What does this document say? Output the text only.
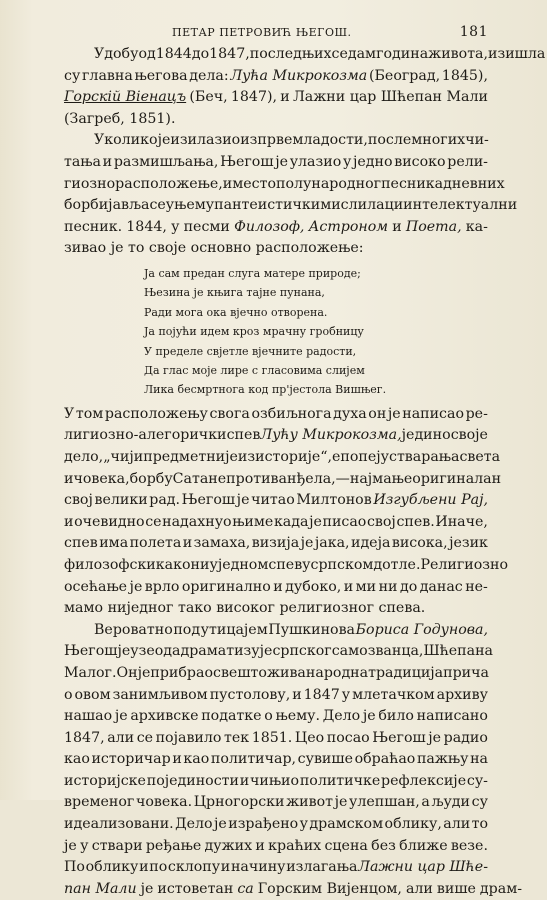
ПЕТАР ПЕТРОВИЋ ЊЕГОШ.	181
У добу од 1844 до 1847, последњих седам година живота, изишла
су главна његова дела: Лућа Микрокозма (Београд, 1845),
Горскій Віенацъ (Беч, 1847), и Лажни цар Шћепан Мали
(Загреб, 1851).
У колико је изилазио из прве младости, после многих чи-
тања и размишљања, Његош је улазио у једно високо рели-
гиозно расположење, и место полународног песника дневних
борби јавља се у њему пантеистички мислилац и интелектуални
песник. 1844, у песми Филозоф, Астроном и Поета, ка-
зивао је то своје основно расположење:
Ја сам предан слуга матере природе;
Њезина је књига тајне пунана,
Ради мога ока вјечно отворена.
Ја појући идем кроз мрачну гробницу
У пределе свјетле вјечните радости,
Да глас моје лире с гласовима слијем
Лика бесмртнога код пр'јестола Вишњег.
У том расположењу свога озбиљнога духа он је написао ре-
лигиозно-алегорички спев Лућу Микрокозма, једино своје
дело, „чији предмет није из историје“, епопеју стварања света
и човека, борбу Сатане против анђела, — најмање оригиналан
свој велики рад. Његош је читао Милтонов Изгубљени Рај,
и очевидно се надахнуо њиме када је писао свој спев. Иначе,
спев има полета и замаха, визија је јака, идеја висока, језик
филозофски како ни у једном спеву српском дотле. Религиозно
осећање је врло оригинално и дубоко, и ми ни до данас не-
мамо ниједног тако високог религиозног спева.
Вероватно под утицајем Пушкинова Бориса Годунова,
Његош је узео да драматизује српског самозванца, Шћепана
Малог. Он је прибрао све што жива народна традиција прича
о овом занимљивом пустолову, и 1847 у млетачком архиву
нашао је архивске податке о њему. Дело је било написано
1847, али се појавило тек 1851. Цео посао Његош је радио
као историчар и као политичар, сувише обраћао пажњу на
историјске појединости и чињио политичке рефлексије су-
временог човека. Црногорски живот је улепшан, а људи су
идеализовани. Дело је израђено у драмском облику, али то
је у ствари ређање дужих и краћих сцена без ближе везе.
По облику и по склопу и начину излагања Лажни цар Шће-
пан Мали је истоветан са Горским Вијенцом, али више драм-
